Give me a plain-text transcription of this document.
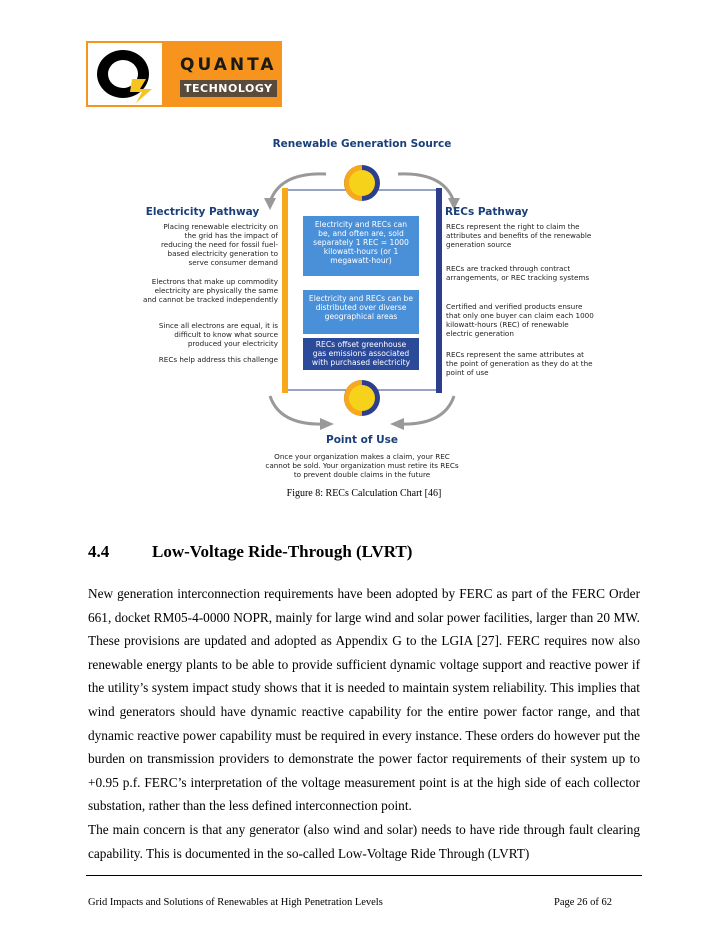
QUANTA
TECHNOLOGY
Renewable Generation Source
Electricity Pathway	RECs Pathway
Point of Use
Placing renewable electricity on the grid has the impact of reducing the need for fossil fuel-based electricity generation to serve consumer demand
Electrons that make up commodity electricity are physically the same and cannot be tracked independently
Since all electrons are equal, it is difficult to know what source produced your electricity
RECs help address this challenge
Electricity and RECs can be, and often are, sold separately 1 REC = 1000 kilowatt-hours (or 1 megawatt-hour)
Electricity and RECs can be distributed over diverse geographical areas
RECs offset greenhouse gas emissions associated with purchased electricity
RECs represent the right to claim the attributes and benefits of the renewable generation source
RECs are tracked through contract arrangements, or REC tracking systems
Certified and verified products ensure that only one buyer can claim each 1000 kilowatt-hours (REC) of renewable electric generation
RECs represent the same attributes at the point of generation as they do at the point of use
Once your organization makes a claim, your REC cannot be sold. Your organization must retire its RECs to prevent double claims in the future
Figure 8: RECs Calculation Chart [46]
4.4	Low-Voltage Ride-Through (LVRT)

New generation interconnection requirements have been adopted by FERC as part of the FERC Order 661, docket RM05-4-0000 NOPR, mainly for large wind and solar power facilities, larger than 20 MW. These provisions are updated and adopted as Appendix G to the LGIA [27]. FERC requires now also renewable energy plants to be able to provide sufficient dynamic voltage support and reactive power if the utility’s system impact study shows that it is needed to maintain system reliability. This implies that wind generators should have dynamic reactive capability for the entire power factor range, and that dynamic reactive power capability must be required in every instance. These orders do however put the burden on transmission providers to demonstrate the power factor requirements of their system up to +0.95 p.f. FERC’s interpretation of the voltage measurement point is at the high side of each collector substation, rather than the less defined interconnection point.

The main concern is that any generator (also wind and solar) needs to have ride through fault clearing capability. This is documented in the so-called Low-Voltage Ride Through (LVRT)

Grid Impacts and Solutions of Renewables at High Penetration Levels	Page 26 of 62
